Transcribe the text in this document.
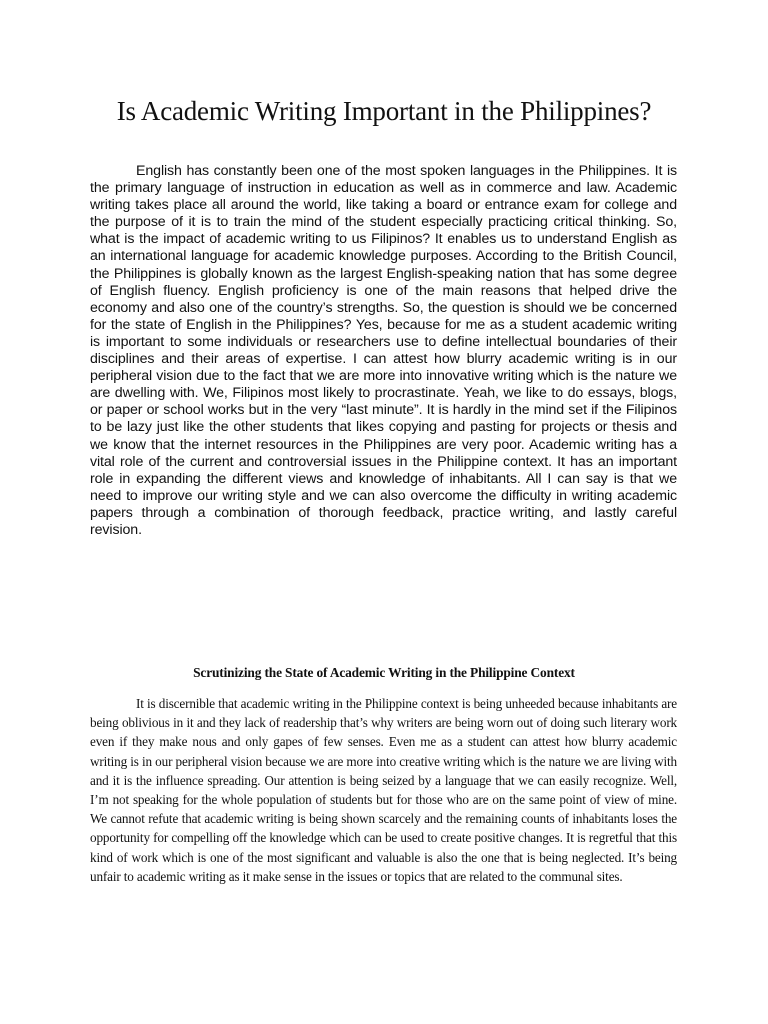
Is Academic Writing Important in the Philippines?

English has constantly been one of the most spoken languages in the Philippines. It is the primary language of instruction in education as well as in commerce and law. Academic writing takes place all around the world, like taking a board or entrance exam for college and the purpose of it is to train the mind of the student especially practicing critical thinking. So, what is the impact of academic writing to us Filipinos? It enables us to understand English as an international language for academic knowledge purposes. According to the British Council, the Philippines is globally known as the largest English-speaking nation that has some degree of English fluency. English proficiency is one of the main reasons that helped drive the economy and also one of the country’s strengths. So, the question is should we be concerned for the state of English in the Philippines? Yes, because for me as a student academic writing is important to some individuals or researchers use to define intellectual boundaries of their disciplines and their areas of expertise. I can attest how blurry academic writing is in our peripheral vision due to the fact that we are more into innovative writing which is the nature we are dwelling with. We, Filipinos most likely to procrastinate. Yeah, we like to do essays, blogs, or paper or school works but in the very “last minute”. It is hardly in the mind set if the Filipinos to be lazy just like the other students that likes copying and pasting for projects or thesis and we know that the internet resources in the Philippines are very poor. Academic writing has a vital role of the current and controversial issues in the Philippine context. It has an important role in expanding the different views and knowledge of inhabitants. All I can say is that we need to improve our writing style and we can also overcome the difficulty in writing academic papers through a combination of thorough feedback, practice writing, and lastly careful revision.

Scrutinizing the State of Academic Writing in the Philippine Context

It is discernible that academic writing in the Philippine context is being unheeded because inhabitants are being oblivious in it and they lack of readership that’s why writers are being worn out of doing such literary work even if they make nous and only gapes of few senses. Even me as a student can attest how blurry academic writing is in our peripheral vision because we are more into creative writing which is the nature we are living with and it is the influence spreading. Our attention is being seized by a language that we can easily recognize. Well, I’m not speaking for the whole population of students but for those who are on the same point of view of mine. We cannot refute that academic writing is being shown scarcely and the remaining counts of inhabitants loses the opportunity for compelling off the knowledge which can be used to create positive changes. It is regretful that this kind of work which is one of the most significant and valuable is also the one that is being neglected. It’s being unfair to academic writing as it make sense in the issues or topics that are related to the communal sites.
